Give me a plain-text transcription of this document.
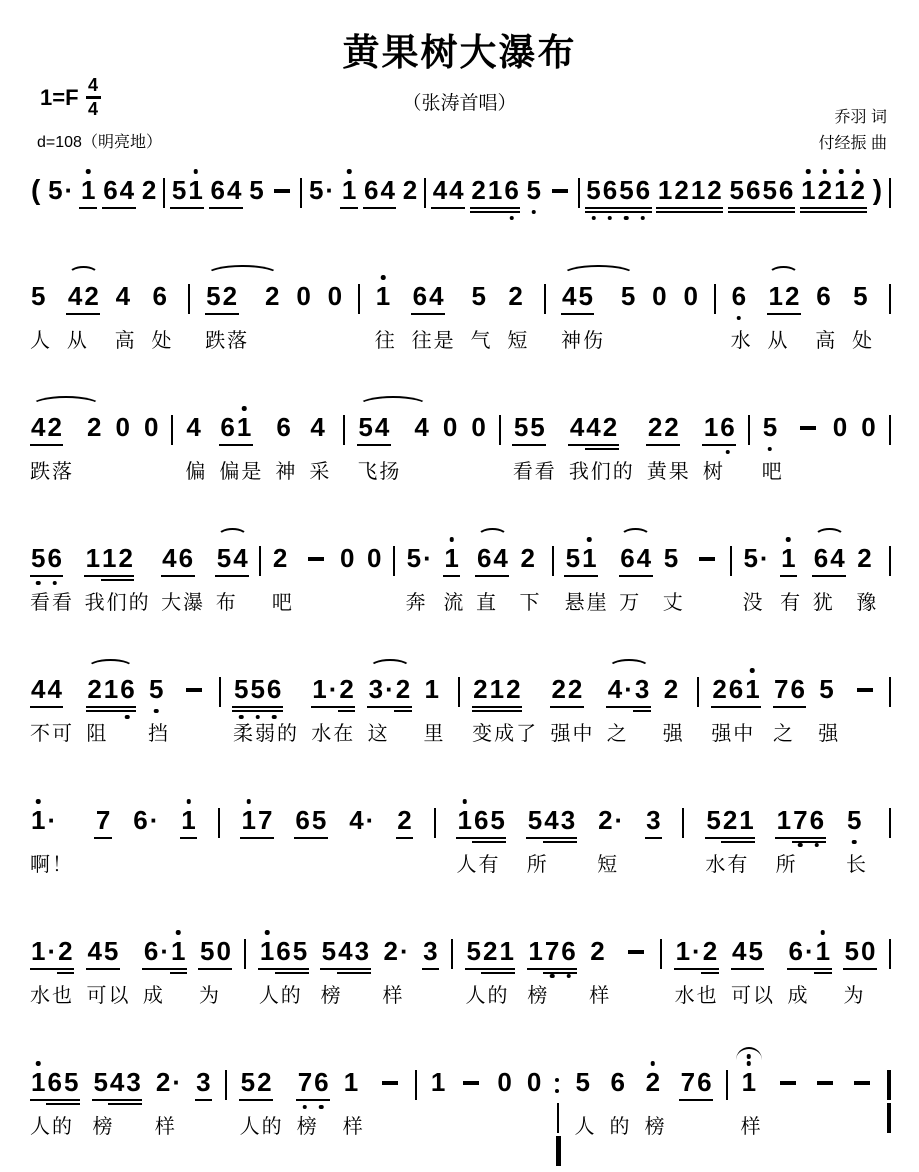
黄果树大瀑布
（张涛首唱）
$1=F \frac{4}{4}$
d=108（明亮地）
乔羽 词
付经振 曲
( 5 · 1 6 4 2 5 1 6 4 5 5 · 1 6 4 2 4 4 2 1 6 5 5 6 5 6 1 2 1 2 5 6 5 6 1 2 1 2 )
5
人
4 2
从
4
高
6
处
5 2
跌落
2 0 0 1
往
6 4
往是
5
气
2
短
4 5
神伤
5 0 0 6
水
1 2
从
6
高
5
处
4 2
跌落
2 0 0 4
偏
6 1
偏是
6
神
4
采
5 4
飞扬
4 0 0 5 5
看看
4 4 2
我们的
2 2
黄果
1 6
树
5
吧
0 0
5 6
看看
1 1 2
我们的
4 6
大瀑
5 4
布
2
吧
0 0 5 ·
奔
1
流
6 4
直
2
下
5 1
悬崖
6 4
万
5
丈
5 ·
没
1
有
6 4
犹
2
豫
4 4
不可
2 1 6
阻
5
挡
5 5 6
柔弱的
1 · 2
水在
3 · 2
这
1
里
2 1 2
变成了
2 2
强中
4 · 3
之
2
强
2 6 1
强中
7 6
之
5
强
1 ·
啊！
7 6 · 1 1 7 6 5 4 · 2 1 6 5
人有
5 4 3
所
2 ·
短
3 5 2 1
水有
1 7 6
所
5
长
1 · 2
水也
4 5
可以
6 · 1
成
5 0
为
1 6 5
人的
5 4 3
榜
2 ·
样
3 5 2 1
人的
1 7 6
榜
2
样
1 · 2
水也
4 5
可以
6 · 1
成
5 0
为
1 6 5
人的
5 4 3
榜
2 ·
样
3 5 2
人的
7 6
榜
1
样
1 0 0 5
人
6
的
2
榜
7 6 1
样
